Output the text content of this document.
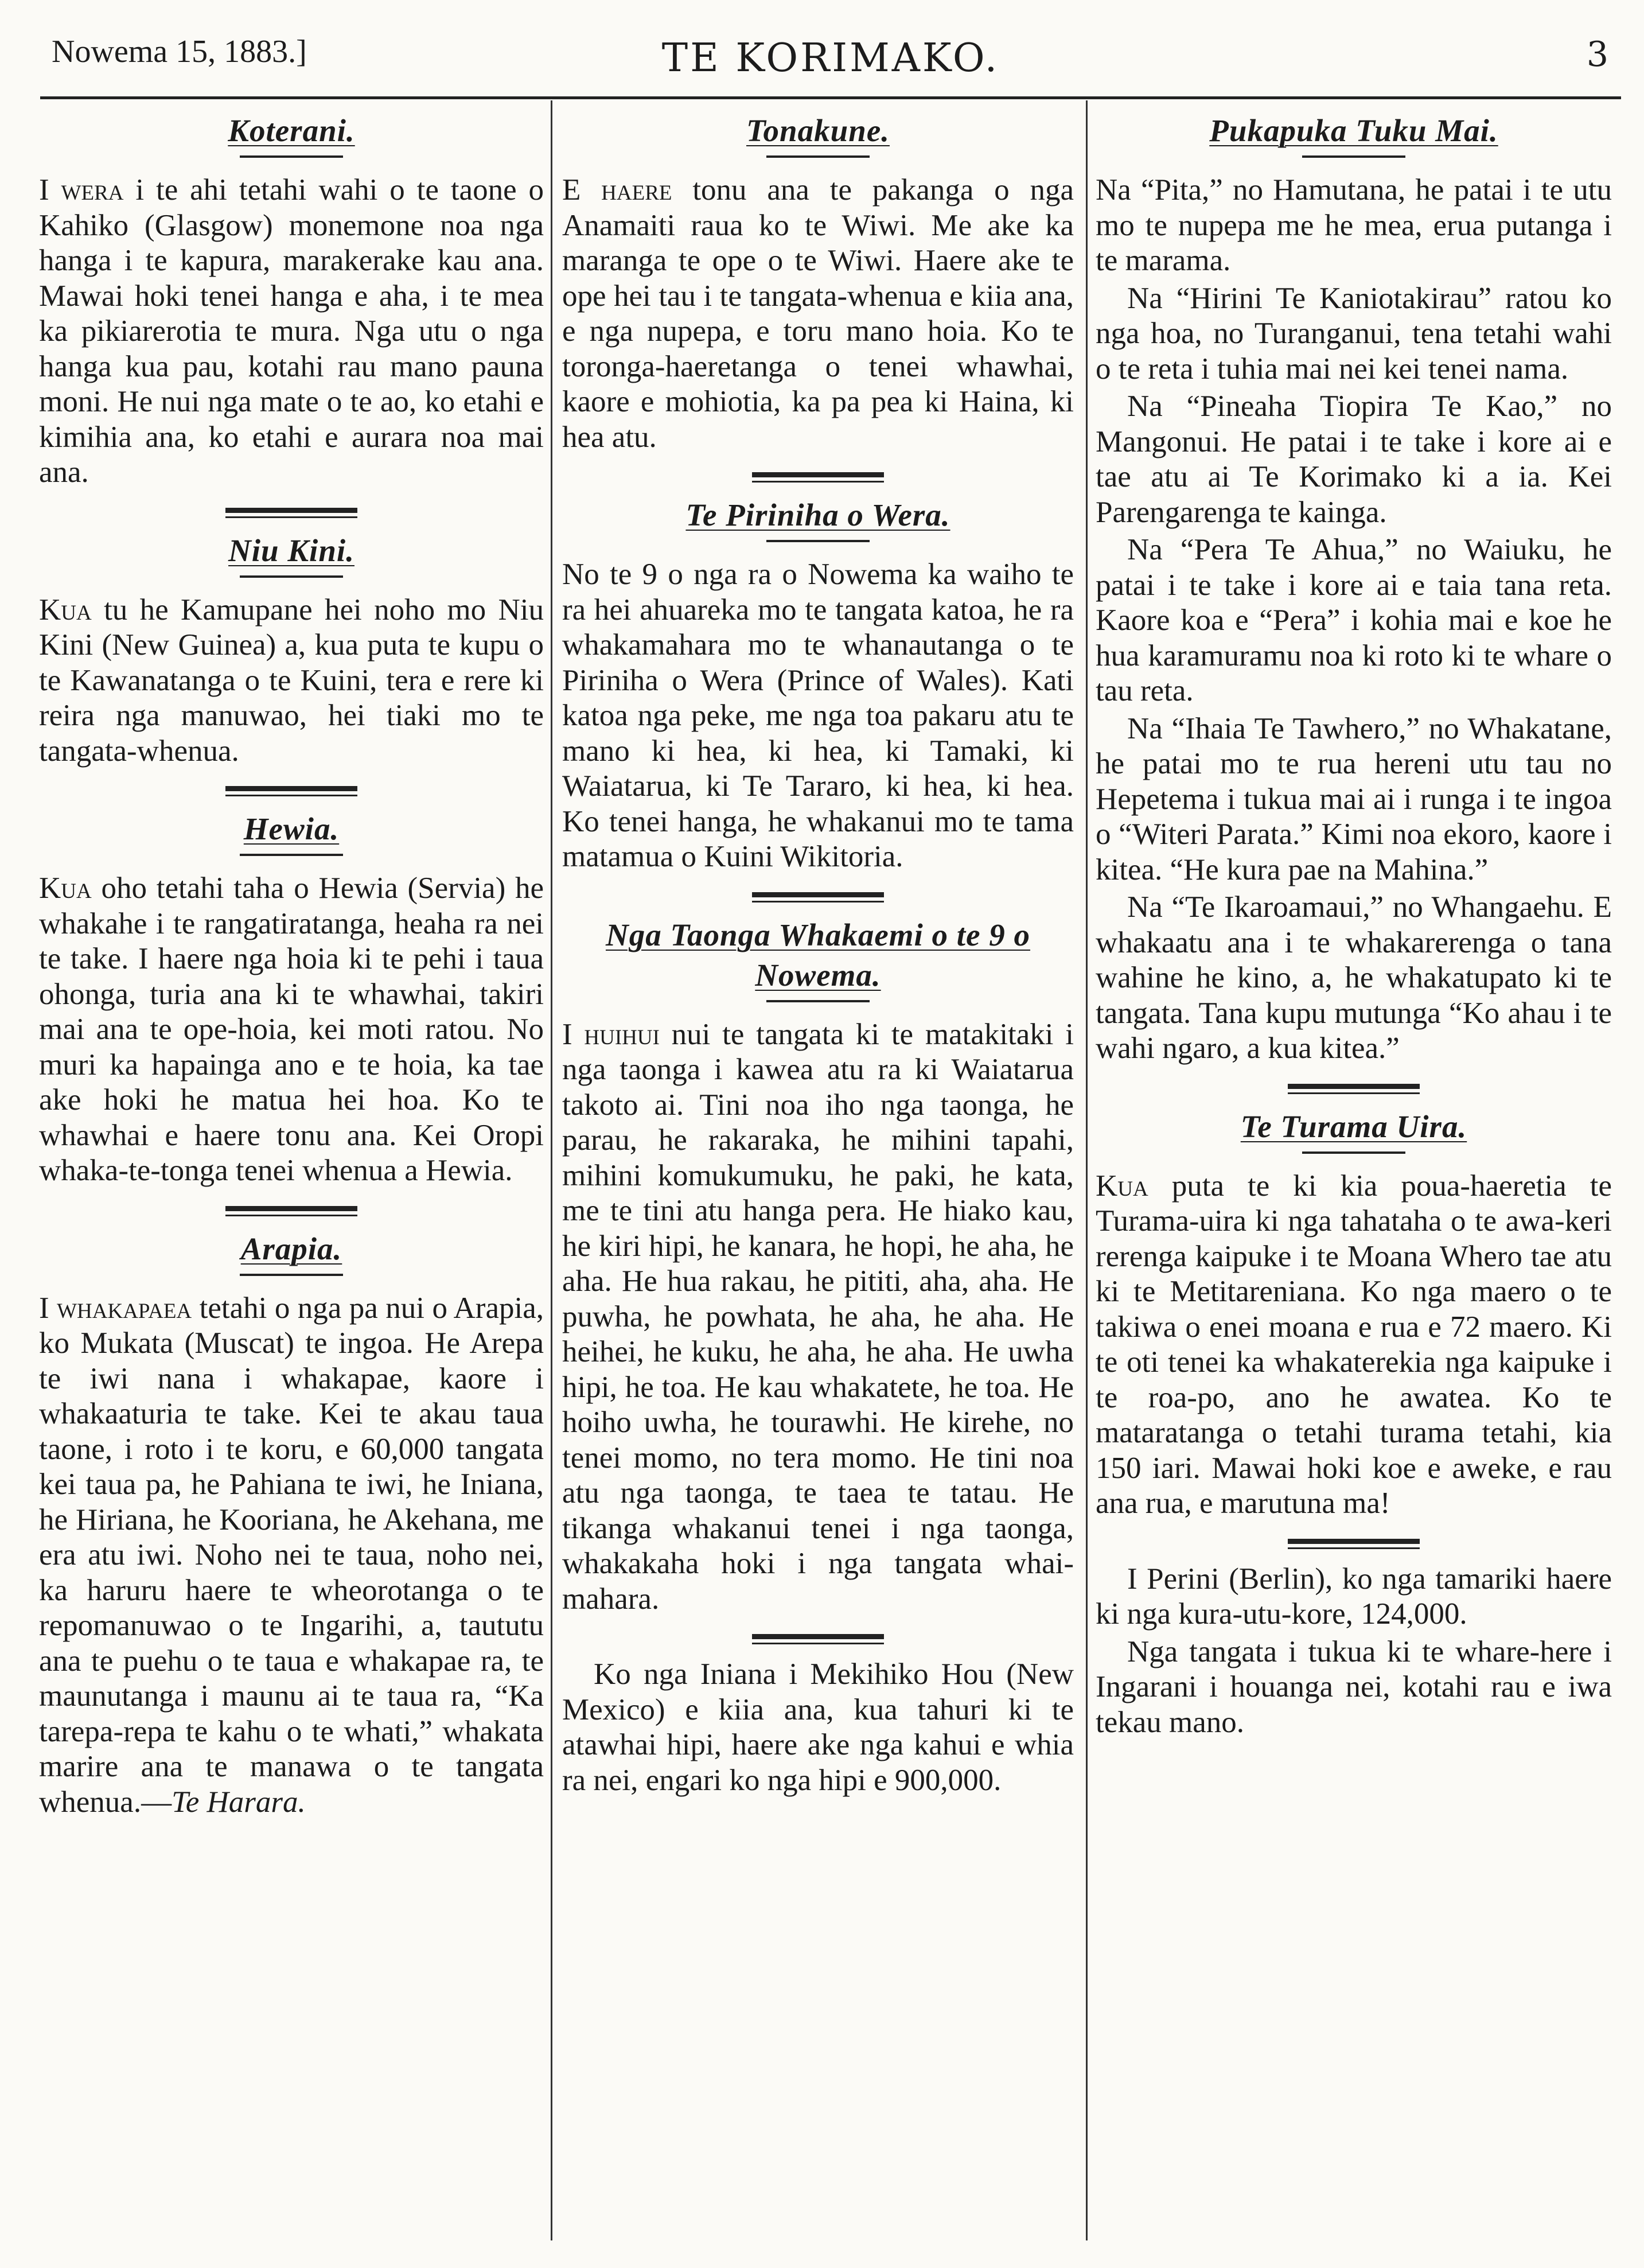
Nowema 15, 1883.]	TE KORIMAKO.	3
Koterani.

I wera i te ahi tetahi wahi o te taone o Kahiko (Glasgow) monemone noa nga hanga i te kapura, marakerake kau ana. Mawai hoki tenei hanga e aha, i te mea ka pikiarerotia te mura. Nga utu o nga hanga kua pau, kotahi rau mano pauna moni. He nui nga mate o te ao, ko etahi e kimihia ana, ko etahi e aurara noa mai ana.

Niu Kini.

Kua tu he Kamupane hei noho mo Niu Kini (New Guinea) a, kua puta te kupu o te Kawanatanga o te Kuini, tera e rere ki reira nga manuwao, hei tiaki mo te tangata-whenua.

Hewia.

Kua oho tetahi taha o Hewia (Servia) he whakahe i te rangatiratanga, heaha ra nei te take. I haere nga hoia ki te pehi i taua ohonga, turia ana ki te whawhai, takiri mai ana te ope-hoia, kei moti ratou. No muri ka hapainga ano e te hoia, ka tae ake hoki he matua hei hoa. Ko te whawhai e haere tonu ana. Kei Oropi whaka-te-tonga tenei whenua a Hewia.

Arapia.

I whakapaea tetahi o nga pa nui o Arapia, ko Mukata (Muscat) te ingoa. He Arepa te iwi nana i whakapae, kaore i whakaaturia te take. Kei te akau taua taone, i roto i te koru, e 60,000 tangata kei taua pa, he Pahiana te iwi, he Iniana, he Hiriana, he Kooriana, he Akehana, me era atu iwi. Noho nei te taua, noho nei, ka haruru haere te wheorotanga o te repomanuwao o te Ingarihi, a, taututu ana te puehu o te taua e whakapae ra, te maunutanga i maunu ai te taua ra, “Ka tarepa-repa te kahu o te whati,” whakata marire ana te manawa o te tangata whenua.—Te Harara.

Tonakune.

E haere tonu ana te pakanga o nga Anamaiti raua ko te Wiwi. Me ake ka maranga te ope o te Wiwi. Haere ake te ope hei tau i te tangata-whenua e kiia ana, e nga nupepa, e toru mano hoia. Ko te toronga-haeretanga o tenei whawhai, kaore e mohiotia, ka pa pea ki Haina, ki hea atu.

Te Piriniha o Wera.

No te 9 o nga ra o Nowema ka waiho te ra hei ahuareka mo te tangata katoa, he ra whakamahara mo te whanautanga o te Piriniha o Wera (Prince of Wales). Kati katoa nga peke, me nga toa pakaru atu te mano ki hea, ki hea, ki Tamaki, ki Waiatarua, ki Te Tararo, ki hea, ki hea. Ko tenei hanga, he whakanui mo te tama matamua o Kuini Wikitoria.

Nga Taonga Whakaemi o te 9 o Nowema.

I huihui nui te tangata ki te matakitaki i nga taonga i kawea atu ra ki Waiatarua takoto ai. Tini noa iho nga taonga, he parau, he rakaraka, he mihini tapahi, mihini komukumuku, he paki, he kata, me te tini atu hanga pera. He hiako kau, he kiri hipi, he kanara, he hopi, he aha, he aha. He hua rakau, he pititi, aha, aha. He puwha, he powhata, he aha, he aha. He heihei, he kuku, he aha, he aha. He uwha hipi, he toa. He kau whakatete, he toa. He hoiho uwha, he tourawhi. He kirehe, no tenei momo, no tera momo. He tini noa atu nga taonga, te taea te tatau. He tikanga whakanui tenei i nga taonga, whakakaha hoki i nga tangata whai-mahara.

Ko nga Iniana i Mekihiko Hou (New Mexico) e kiia ana, kua tahuri ki te atawhai hipi, haere ake nga kahui e whia ra nei, engari ko nga hipi e 900,000.

Pukapuka Tuku Mai.

Na “Pita,” no Hamutana, he patai i te utu mo te nupepa me he mea, erua putanga i te marama.

Na “Hirini Te Kaniotakirau” ratou ko nga hoa, no Turanganui, tena tetahi wahi o te reta i tuhia mai nei kei tenei nama.

Na “Pineaha Tiopira Te Kao,” no Mangonui. He patai i te take i kore ai e tae atu ai Te Korimako ki a ia. Kei Parengarenga te kainga.

Na “Pera Te Ahua,” no Waiuku, he patai i te take i kore ai e taia tana reta. Kaore koa e “Pera” i kohia mai e koe he hua karamuramu noa ki roto ki te whare o tau reta.

Na “Ihaia Te Tawhero,” no Whakatane, he patai mo te rua hereni utu tau no Hepetema i tukua mai ai i runga i te ingoa o “Witeri Parata.” Kimi noa ekoro, kaore i kitea. “He kura pae na Mahina.”

Na “Te Ikaroamaui,” no Whangaehu. E whakaatu ana i te whakarerenga o tana wahine he kino, a, he whakatupato ki te tangata. Tana kupu mutunga “Ko ahau i te wahi ngaro, a kua kitea.”

Te Turama Uira.

Kua puta te ki kia poua-haeretia te Turama-uira ki nga tahataha o te awa-keri rerenga kaipuke i te Moana Whero tae atu ki te Metitareniana. Ko nga maero o te takiwa o enei moana e rua e 72 maero. Ki te oti tenei ka whakaterekia nga kaipuke i te roa-po, ano he awatea. Ko te mataratanga o tetahi turama tetahi, kia 150 iari. Mawai hoki koe e aweke, e rau ana rua, e marutuna ma!

I Perini (Berlin), ko nga tamariki haere ki nga kura-utu-kore, 124,000.

Nga tangata i tukua ki te whare-here i Ingarani i houanga nei, kotahi rau e iwa tekau mano.
